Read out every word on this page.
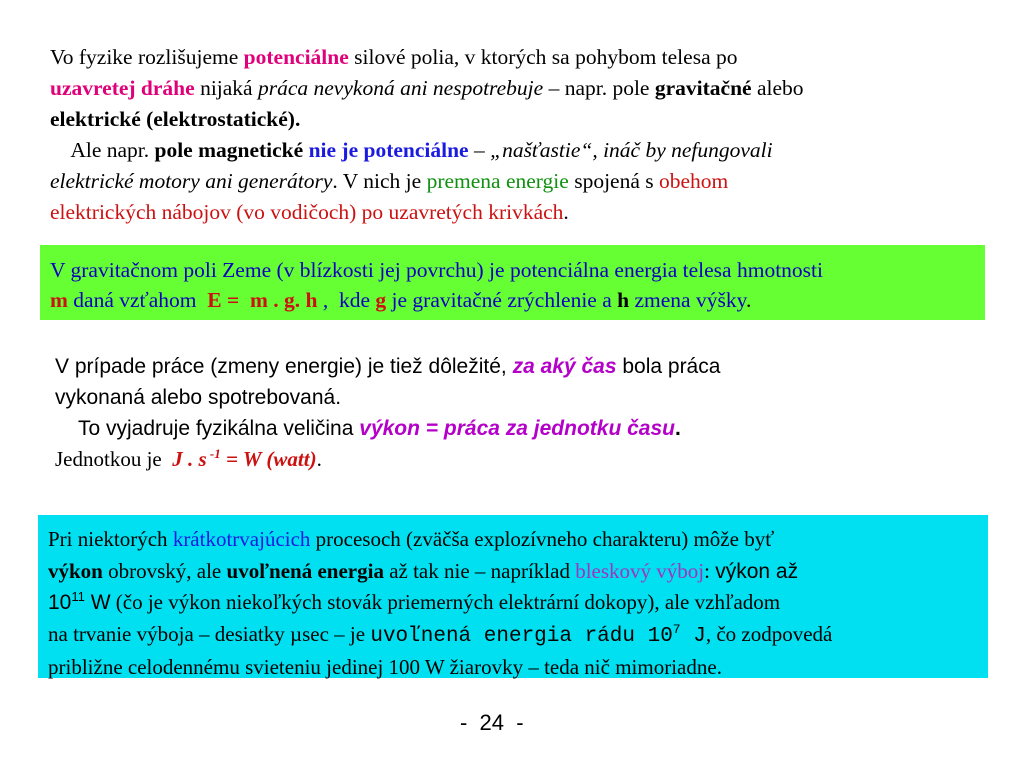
Vo fyzike rozlišujeme potenciálne silové polia, v ktorých sa pohybom telesa po
uzavretej dráhe nijaká práca nevykoná ani nespotrebuje – napr. pole gravitačné alebo
elektrické (elektrostatické).
Ale napr. pole magnetické nie je potenciálne – „našťastie“, ináč by nefungovali
elektrické motory ani generátory. V nich je premena energie spojená s obehom
elektrických nábojov (vo vodičoch) po uzavretých krivkách.
V gravitačnom poli Zeme (v blízkosti jej povrchu) je potenciálna energia telesa hmotnosti
m daná vzťahom  E =  m . g. h ,  kde g je gravitačné zrýchlenie a h zmena výšky.
V prípade práce (zmeny energie) je tiež dôležité, za aký čas bola práca
vykonaná alebo spotrebovaná.
To vyjadruje fyzikálna veličina výkon = práca za jednotku času.
Jednotkou je  J . s $^{-1}$ = W (watt).
Pri niektorých krátkotrvajúcich procesoch (zväčša explozívneho charakteru) môže byť
výkon obrovský, ale uvoľnená energia až tak nie – napríklad bleskový výboj: výkon až
$10^{11}$ W (čo je výkon niekoľkých stovák priemerných elektrární dokopy), ale vzhľadom
na trvanie výboja – desiatky µsec – je uvoľnená energia rádu $10^7$ J, čo zodpovedá
približne celodennému svieteniu jedinej 100 W žiarovky – teda nič mimoriadne.
-  24  -
